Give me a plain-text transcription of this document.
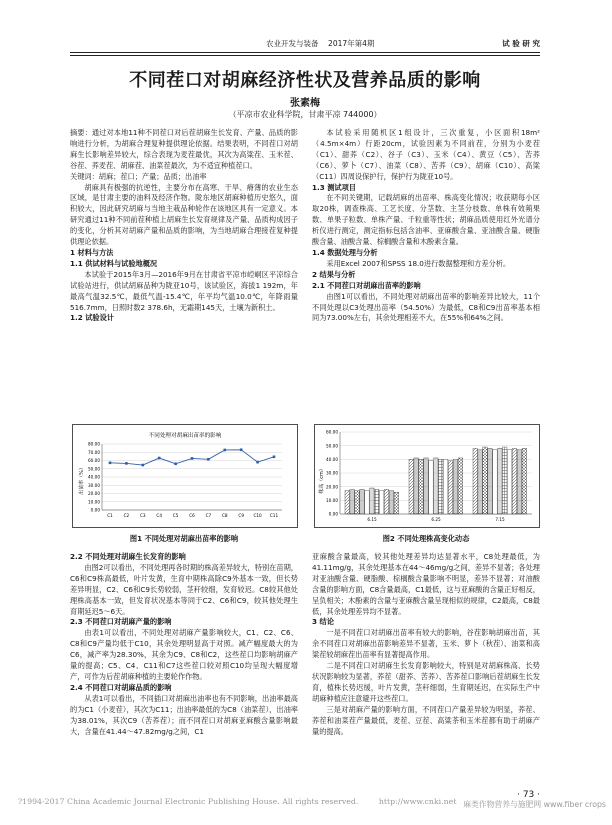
农业开发与装备 2017年第4期	试 验 研 究
不同茬口对胡麻经济性状及营养品质的影响
张素梅
（平凉市农业科学院，甘肃平凉 744000）

摘要：通过对本地11种不同茬口对后茬胡麻生长发育、产量、品质的影响进行分析，为胡麻合理复种提供理论依据。结果表明，不同茬口对胡麻生长影响差异较大，综合表现为麦茬最优，其次为高粱茬、玉米茬、谷茬、荞麦茬、胡麻茬、油菜茬最次，为不适宜种植茬口。

关键词：胡麻；茬口；产量；品质；出油率

胡麻具有极强的抗逆性，主要分布在高寒、干旱、瘠薄的农业生态区域，是甘肃主要的油料及经济作物。陇东地区胡麻种植历史悠久，面积较大，因此研究胡麻与当地主栽品种轮作在该地区具有一定意义。本研究通过11种不同前茬种植上胡麻生长发育规律及产量、品质构成因子的变化，分析其对胡麻产量和品质的影响，为当地胡麻合理接茬复种提供理论依据。

1 材料与方法
1.1 供试材料与试验地概况

本试验于2015年3月—2016年9月在甘肃省平凉市崆峒区平凉综合试验站进行，供试胡麻品种为陇亚10号，该试验区，海拔1 192m，年最高气温32.5℃，最低气温-15.4℃，年平均气温10.0℃，年降雨量516.7mm，日照时数2 378.6h，无霜期145天，土壤为新积土。

1.2 试验设计

本试验采用随机区1组设计，三次重复，小区面积18m²（4.5m×4m）行距20cm，试验因素为不同前茬，分别为小麦茬（C1）、甜荞（C2）、谷子（C3）、玉米（C4）、黄豆（C5）、苦荞（C6）、萝卜（C7）、油菜（C8）、苦荞（C9）、胡麻（C10）、高粱（C11）四周设保护行，保护行为陇亚10号。

1.3 测试项目

在不同关键期，记载胡麻的出苗率、株高变化情况；收获期每小区取20株，调查株高、工艺长度、分茎数、主茎分枝数、单株有效蒴果数、单果子粒数、单株产量、千粒重等性状；胡麻品质使用红外光谱分析仪进行测定，测定指标包括含油率、亚麻酸含量、亚油酸含量、硬脂酸含量、油酸含量、棕榈酸含量和木酚素含量。

1.4 数据处理与分析

采用Excel 2007和SPSS 18.0进行数据整理和方差分析。

2 结果与分析
2.1 不同茬口对胡麻出苗率的影响

由图1可以看出，不同处理对胡麻出苗率的影响差异比较大，11个不同处理以C3处理出苗率（54.50%）为最低，C8和C9出苗率基本相同为73.00%左右，其余处理相差不大，在55%和64%之间。

不同处理对胡麻出苗率的影响
出苗率（%）
0.00
10.00
20.00
30.00
40.00
50.00
60.00
70.00
80.00
C1	C2	C3	C4	C5	C6	C7	C8	C9 C10 C11
图1 不同处理对胡麻出苗率的影响
株高（cm）
0.00
10.00
20.00
30.00
40.00
50.00
60.00
6.15	6.25	7.15
图2 不同处理株高变化动态
2.2 不同处理对胡麻生长发育的影响

由图2可以看出，不同处理再各时期的株高差异较大，特别在苗期，C6和C9株高最低，叶片发黄，生育中期株高除C9外基本一致，但长势差异明显，C2、C6和C9长势较弱，茎秆较细，发育较迟。C8较其他处理株高基本一致，但发育状况基本等同于C2、C6和C9，较其他处理生育期延迟5～6天。

2.3 不同茬口对胡麻产量的影响

由表1可以看出，不同处理对胡麻产量影响较大，C1、C2、C6、C8和C9产量均低于C10，其余处理明显高于对照。减产幅度最大的为C6，减产率为28.30%，其余为C9、C8和C2，这些茬口均影响胡麻产量的提高；C5、C4、C11和C7这些茬口较对照C10均呈现大幅度增产，可作为后茬胡麻种植的主要轮作作物。

2.4 不同茬口对胡麻品质的影响

从表1可以看出，不同插口对胡麻出油率也有不同影响，出油率最高的为C1（小麦茬），其次为C11；出油率最低的为C8（油菜茬），出油率为38.01%，其次C9（苦荞茬）；而不同茬口对胡麻亚麻酸含量影响最大，含量在41.44～47.82mg/g之间，C1

亚麻酸含量最高，较其他处理差异均达显著水平，C8处理最低，为41.11mg/g，其余处理基本在44～46mg/g之间，差异不显著；各处理对亚油酸含量、硬脂酸、棕榈酸含量影响不明显，差异不显著；对油酸含量的影响方面，C8含量最高，C1最低，这与亚麻酸的含量正好相反，呈负相关；木酚素的含量与亚麻酸含量呈现相似的规律，C2最高，C8最低，其余处理差异均不显著。

3 结论

一是不同茬口对胡麻出苗率有较大的影响，谷茬影响胡麻出苗，其余不同茬口对胡麻出苗影响差异不显著，玉米、萝卜（秋茬）、油菜和高粱茬较胡麻茬出苗率有显著提高作用。

二是不同茬口对胡麻生长发育影响较大，特别是对胡麻株高、长势状况影响较为显著，荞茬（甜荞、苦荞）、苦荞茬口影响后茬胡麻生长发育，植株长势迟缓，叶片发黄，茎秆细弱，生育期延迟，在实际生产中胡麻种植应注意避开这些茬口。

三是对胡麻产量的影响方面，不同茬口产量差异较为明显，荞茬、荞茬和油菜茬产量最低，麦茬、豆茬、高粱茶和玉米茬都有助于胡麻产量的提高。

· 73 ·
?1994-2017 China Academic Journal Electronic Publishing House. All rights reserved.	http://www.cnki.net 麻类作物营养与施肥网 www.fiber crops
